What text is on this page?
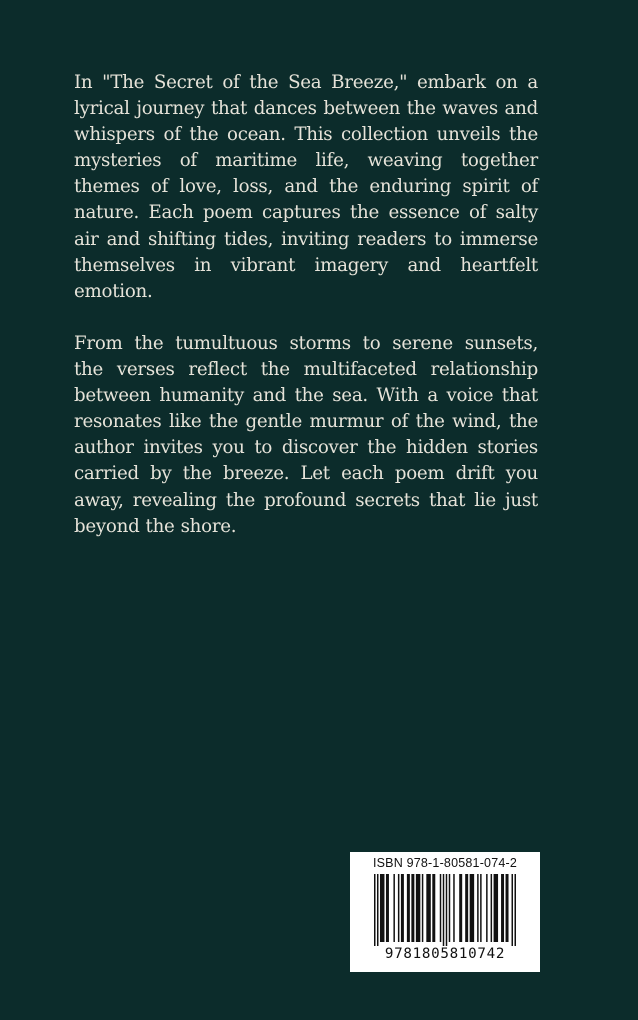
In "The Secret of the Sea Breeze," embark on a lyrical journey that dances between the waves and whispers of the ocean. This collection unveils the mysteries of maritime life, weaving together themes of love, loss, and the enduring spirit of nature. Each poem captures the essence of salty air and shifting tides, inviting readers to immerse themselves in vibrant imagery and heartfelt emotion.

From the tumultuous storms to serene sunsets, the verses reflect the multifaceted relationship between humanity and the sea. With a voice that resonates like the gentle murmur of the wind, the author invites you to discover the hidden stories carried by the breeze. Let each poem drift you away, revealing the profound secrets that lie just beyond the shore.

ISBN 978-1-80581-074-2
9781805810742
